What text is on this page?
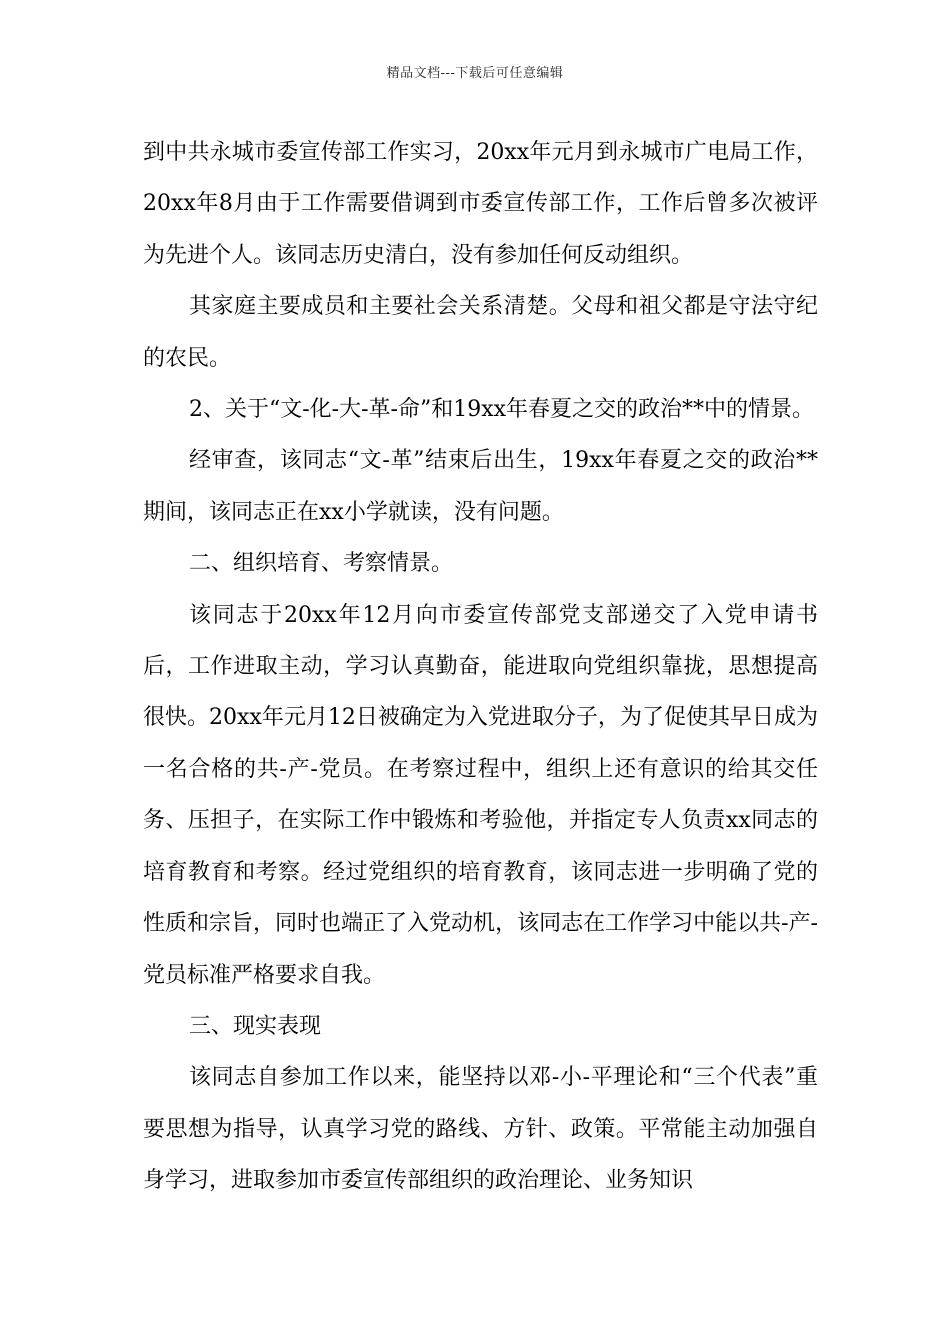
精品文档---下载后可任意编辑

到中共永城市委宣传部工作实习，20xx年元月到永城市广电局工作，20xx年8月由于工作需要借调到市委宣传部工作，工作后曾多次被评为先进个人。该同志历史清白，没有参加任何反动组织。

其家庭主要成员和主要社会关系清楚。父母和祖父都是守法守纪的农民。

2、关于“文-化-大-革-命”和19xx年春夏之交的政治**中的情景。

经审查，该同志“文-革”结束后出生，19xx年春夏之交的政治**期间，该同志正在xx小学就读，没有问题。

二、组织培育、考察情景。

该同志于20xx年12月向市委宣传部党支部递交了入党申请书后，工作进取主动，学习认真勤奋，能进取向党组织靠拢，思想提高很快。20xx年元月12日被确定为入党进取分子，为了促使其早日成为一名合格的共-产-党员。在考察过程中，组织上还有意识的给其交任务、压担子，在实际工作中锻炼和考验他，并指定专人负责xx同志的培育教育和考察。经过党组织的培育教育，该同志进一步明确了党的性质和宗旨，同时也端正了入党动机，该同志在工作学习中能以共-产-党员标准严格要求自我。

三、现实表现

该同志自参加工作以来，能坚持以邓-小-平理论和“三个代表”重要思想为指导，认真学习党的路线、方针、政策。平常能主动加强自身学习，进取参加市委宣传部组织的政治理论、业务知识
